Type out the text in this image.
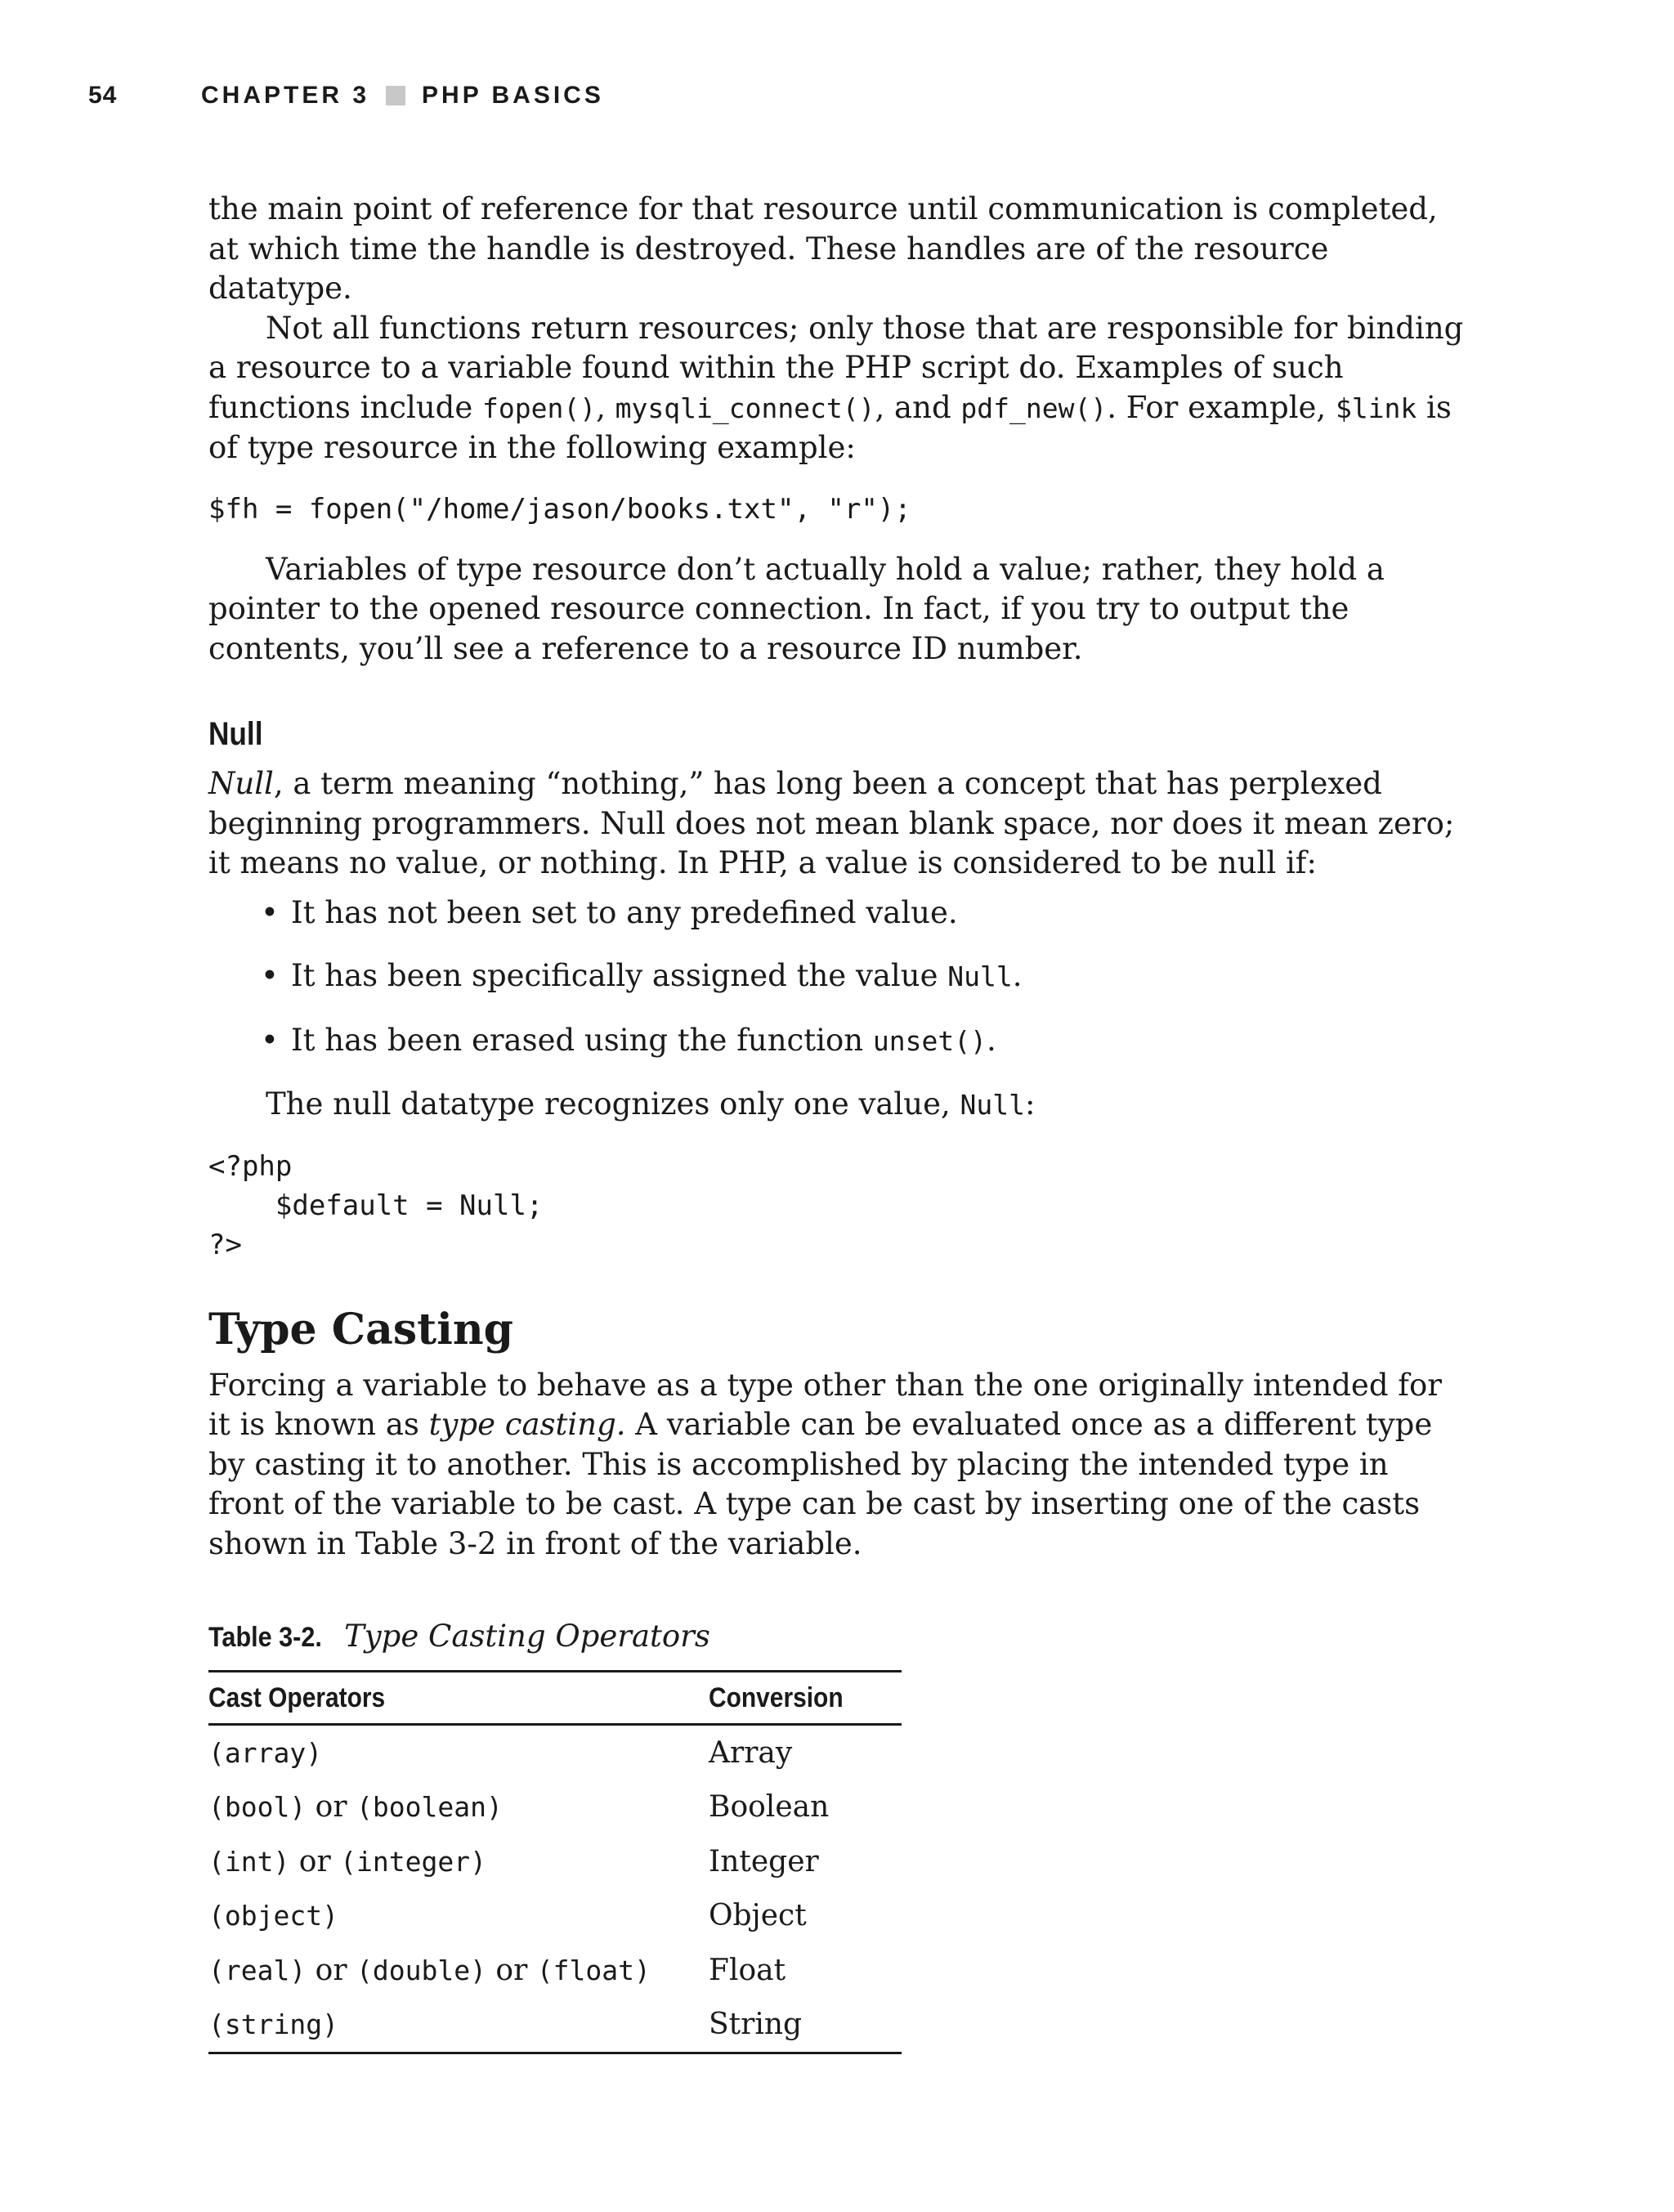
54	CHAPTER 3 PHP BASICS

the main point of reference for that resource until communication is completed, at which time the handle is destroyed. These handles are of the resource datatype.

Not all functions return resources; only those that are responsible for binding a resource to a variable found within the PHP script do. Examples of such functions include fopen(), mysqli_connect(), and pdf_new(). For example, $link is of type resource in the following example:

$fh = fopen("/home/jason/books.txt", "r");

Variables of type resource don’t actually hold a value; rather, they hold a pointer to the opened resource connection. In fact, if you try to output the contents, you’ll see a reference to a resource ID number.

Null

Null, a term meaning “nothing,” has long been a concept that has perplexed beginning programmers. Null does not mean blank space, nor does it mean zero; it means no value, or nothing. In PHP, a value is considered to be null if:

• It has not been set to any predefined value.
• It has been specifically assigned the value Null.
• It has been erased using the function unset().

The null datatype recognizes only one value, Null:

<?php
$default = Null;
?>
Type Casting

Forcing a variable to behave as a type other than the one originally intended for it is known as type casting. A variable can be evaluated once as a different type by casting it to another. This is accomplished by placing the intended type in front of the variable to be cast. A type can be cast by inserting one of the casts shown in Table 3-2 in front of the variable.

Table 3-2. Type Casting Operators
Cast Operators	Conversion
(array)	Array
(bool) or (boolean)	Boolean
(int) or (integer)	Integer
(object)	Object
(real) or (double) or (float)	Float
(string)	String
